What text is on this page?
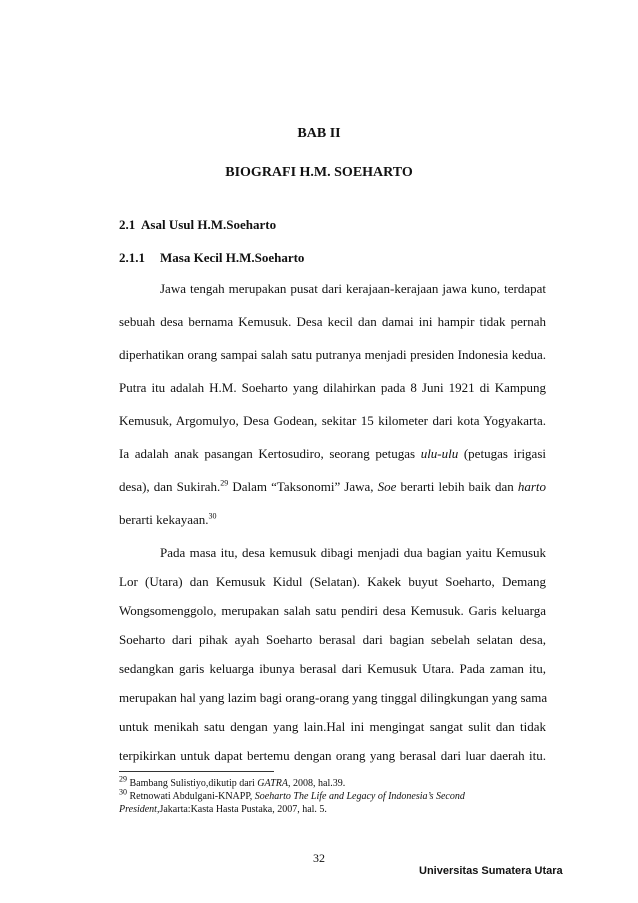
BAB II
BIOGRAFI H.M. SOEHARTO
2.1 Asal Usul H.M.Soeharto
2.1.1 Masa Kecil H.M.Soeharto
Jawa tengah merupakan pusat dari kerajaan-kerajaan jawa kuno, terdapat
sebuah desa bernama Kemusuk. Desa kecil dan damai ini hampir tidak pernah
diperhatikan orang sampai salah satu putranya menjadi presiden Indonesia kedua.
Putra itu adalah H.M. Soeharto yang dilahirkan pada 8 Juni 1921 di Kampung
Kemusuk, Argomulyo, Desa Godean, sekitar 15 kilometer dari kota Yogyakarta.
Ia adalah anak pasangan Kertosudiro, seorang petugas ulu-ulu (petugas irigasi
desa), dan Sukirah.$^{29}$ Dalam “Taksonomi” Jawa, Soe berarti lebih baik dan harto
berarti kekayaan.$^{30}$
Pada masa itu, desa kemusuk dibagi menjadi dua bagian yaitu Kemusuk
Lor (Utara) dan Kemusuk Kidul (Selatan). Kakek buyut Soeharto, Demang
Wongsomenggolo, merupakan salah satu pendiri desa Kemusuk. Garis keluarga
Soeharto dari pihak ayah Soeharto berasal dari bagian sebelah selatan desa,
sedangkan garis keluarga ibunya berasal dari Kemusuk Utara. Pada zaman itu,
merupakan hal yang lazim bagi orang-orang yang tinggal dilingkungan yang sama
untuk menikah satu dengan yang lain.Hal ini mengingat sangat sulit dan tidak
$^{29}$ Bambang Sulistiyo,dikutip dari GATRA, 2008, hal.39.
$^{30}$ Retnowati Abdulgani-KNAPP, Soeharto The Life and Legacy of Indonesia’s Second
President,Jakarta:Kasta Hasta Pustaka, 2007, hal. 5.
32
Universitas Sumatera Utara
terpikirkan untuk dapat bertemu dengan orang yang berasal dari luar daerah itu.
